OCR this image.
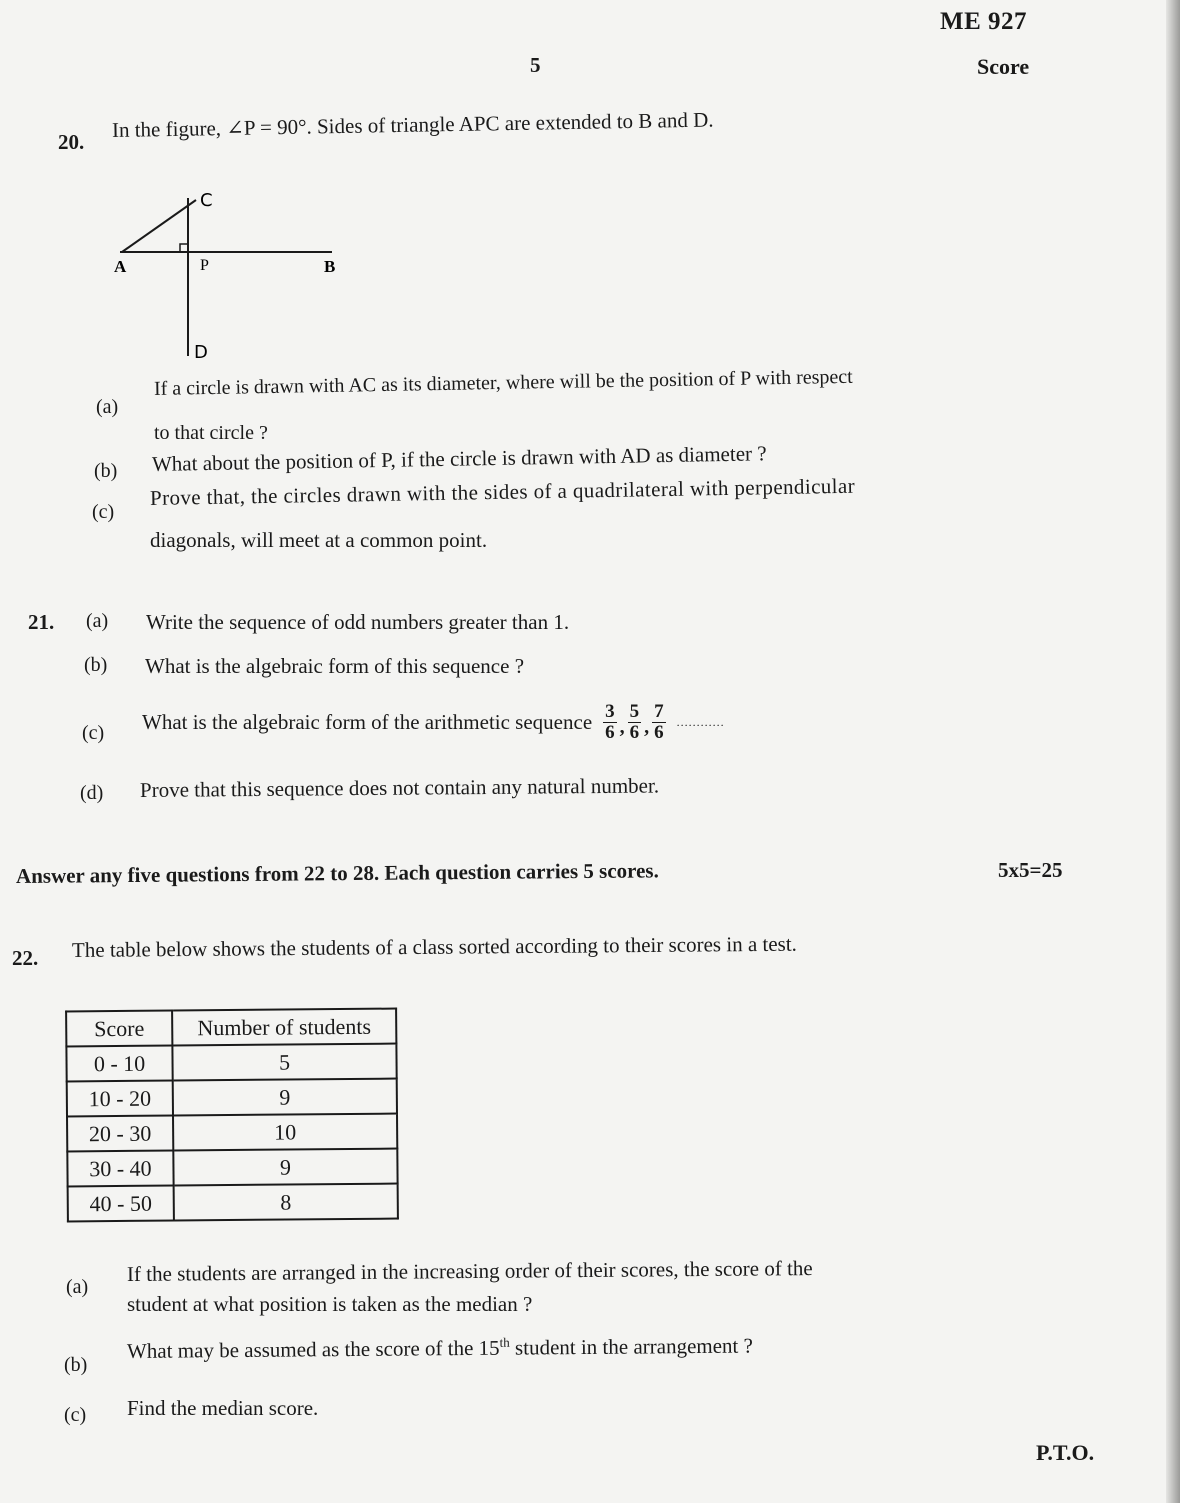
ME 927
5	Score
20.
In the figure, ∠P = 90°. Sides of triangle APC are extended to B and D.
C
A	P	B
D
(a)
If a circle is drawn with AC as its diameter, where will be the position of P with respect
to that circle ?
(b) What about the position of P, if the circle is drawn with AD as diameter ?
(c)
Prove that, the circles drawn with the sides of a quadrilateral with perpendicular
diagonals, will meet at a common point.
21. (a) Write the sequence of odd numbers greater than 1.
(b) What is the algebraic form of this sequence ?
(c) What is the algebraic form of the arithmetic sequence $\frac{3}{6}$ , $\frac{5}{6}$ , $\frac{7}{6}$ ............
(d) Prove that this sequence does not contain any natural number.
Answer any five questions from 22 to 28. Each question carries 5 scores.	5x5=25
22. The table below shows the students of a class sorted according to their scores in a test.
Score	Number of students
0 - 10	5
10 - 20	9
20 - 30	10
30 - 40	9
40 - 50	8
(a)
If the students are arranged in the increasing order of their scores, the score of the
student at what position is taken as the median ?
(b)
What may be assumed as the score of the 15th student in the arrangement ?
(c) Find the median score.
P.T.O.
